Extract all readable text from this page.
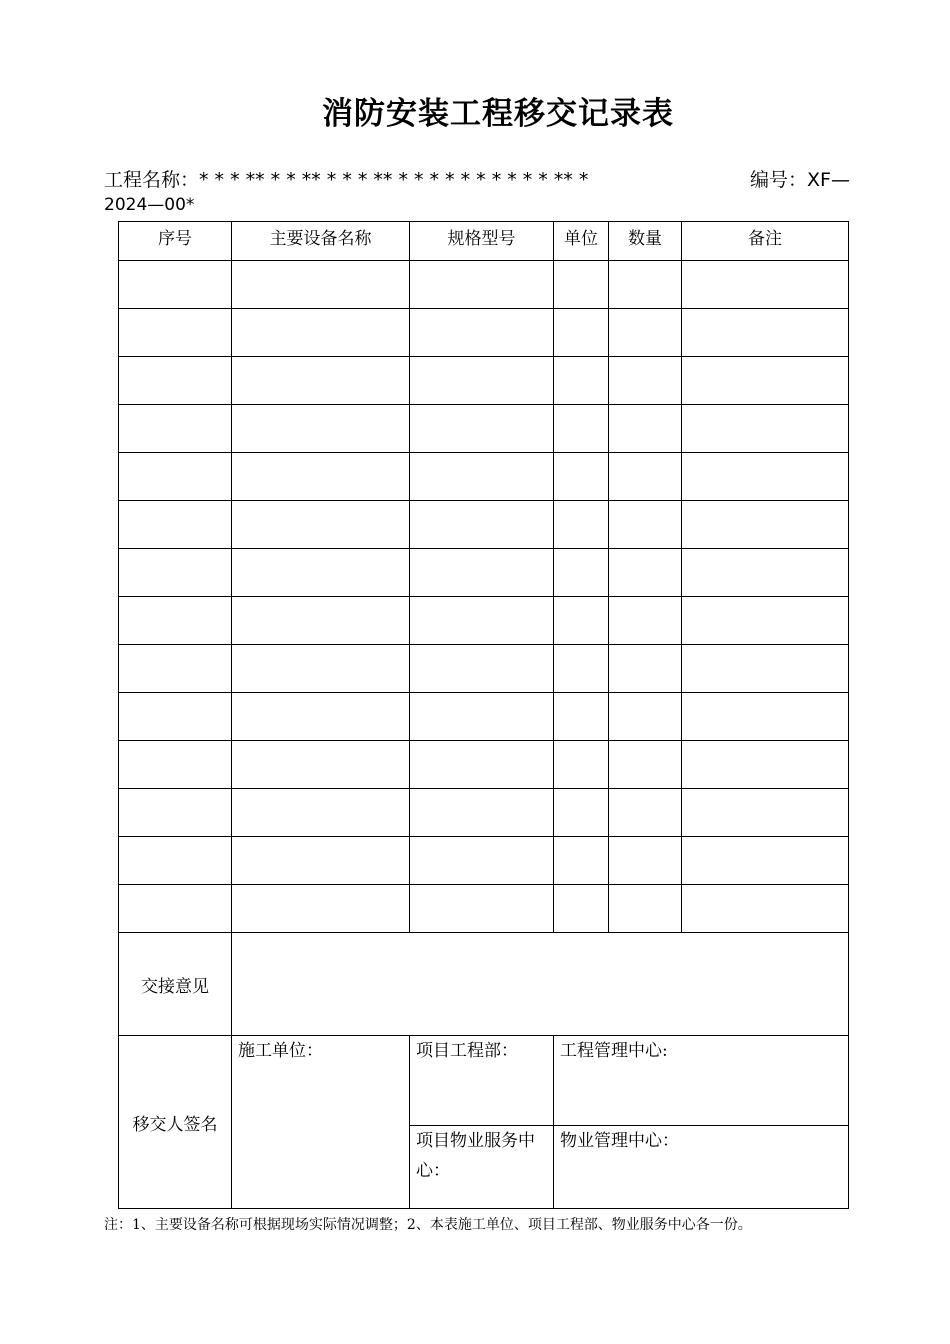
消防安装工程移交记录表
工程名称：* * * ** * * ** * * * ** * * * * * * * * * * ** *	编号：XF—
2024—00*
序号	主要设备名称	规格型号	单位	数量	备注

交接意见					
移交人签名	施工单位：	项目工程部：	工程管理中心:		
		项目物业服务中心：	物业管理中心：		
注：1、主要设备名称可根据现场实际情况调整；2、本表施工单位、项目工程部、物业服务中心各一份。
